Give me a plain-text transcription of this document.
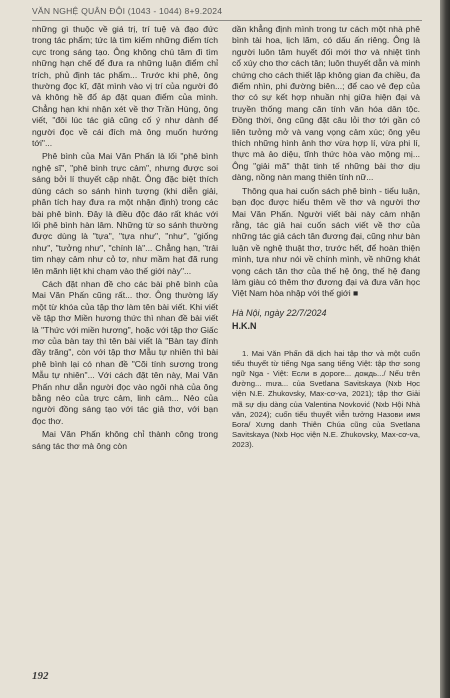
VĂN NGHỆ QUÂN ĐỘI (1043 - 1044) 8+9.2024

những gì thuộc về giá trị, trí tuệ và đạo đức trong tác phẩm; tức là tìm kiếm những điểm tích cực trong sáng tạo. Ông không chú tâm đi tìm những hạn chế để đưa ra những luận điểm chỉ trích, phủ định tác phẩm... Trước khi phê, ông thường đọc kĩ, đặt mình vào vị trí của người đó và không hề đổ áp đặt quan điểm của mình. Chẳng hạn khi nhận xét về thơ Trần Hùng, ông viết, "đôi lúc tác giả cũng cố ý như dành để người đọc về cái đích mà ông muốn hướng tới"...

Phê bình của Mai Văn Phấn là lối "phê bình nghệ sĩ", "phê bình trực cảm", nhưng được soi sáng bởi lí thuyết cập nhật. Ông đặc biệt thích dùng cách so sánh hình tượng (khi diễn giải, phân tích hay đưa ra một nhận định) trong các bài phê bình. Đây là điều độc đáo rất khác với lối phê bình hàn lâm. Những từ so sánh thường được dùng là "tựa", "tựa như", "như", "giống như", "tưởng như", "chính là"... Chẳng hạn, "trải tim nhạy cảm như cỏ tơ, như mầm hạt đã rung lên mãnh liệt khi chạm vào thế giới này"...

Cách đặt nhan đề cho các bài phê bình của Mai Văn Phấn cũng rất... thơ. Ông thường lấy một từ khóa của tập thơ làm tên bài viết. Khi viết về tập thơ Miền hương thức thì nhan đề bài viết là "Thức với miền hương", hoặc với tập thơ Giấc mơ của bàn tay thì tên bài viết là "Bàn tay đính đầy trăng", còn với tập thơ Mẫu tự nhiên thì bài phê bình lại có nhan đề "Cõi tính sương trong Mẫu tự nhiên"... Với cách đặt tên này, Mai Văn Phấn như dẫn người đọc vào ngôi nhà của ông bằng nẻo của trực cảm, linh cảm... Nẻo của người đồng sáng tạo với tác giả thơ, với bạn đọc thơ.

Mai Văn Phấn không chỉ thành công trong sáng tác thơ mà ông còn

dần khẳng định mình trong tư cách một nhà phê bình tài hoa, lịch lãm, có dấu ấn riêng. Ông là người luôn tâm huyết đối mới thơ và nhiệt tình cổ xúy cho thơ cách tân; luôn thuyết dẫn và minh chứng cho cách thiết lập không gian đa chiều, đa điểm nhìn, phi đường biên...; để cao vẻ đẹp của thơ có sự kết hợp nhuần nhị giữa hiện đại và truyền thống mang căn tính văn hóa dân tộc. Đồng thời, ông cũng đặt câu lỏi thơ tới gần có liên tưởng mở và vang vọng cảm xúc; ông yêu thích những hình ảnh thơ vừa hợp lí, vừa phi lí, thực mà ảo diệu, tĩnh thức hòa vào mộng mị... Ông "giải mã" thật tinh tế những bài thơ dịu dàng, nồng nàn mang thiên tính nữ...

Thông qua hai cuốn sách phê bình - tiểu luận, bạn đọc được hiểu thêm về thơ và người thơ Mai Văn Phấn. Người viết bài này cảm nhận rằng, tác giả hai cuốn sách viết về thơ của những tác giả cách tân đương đại, cũng như bàn luận về nghệ thuật thơ, trước hết, để hoàn thiện mình, tựa như nói về chính mình, về những khát vọng cách tân thơ của thế hệ ông, thế hệ đang làm giàu có thêm thơ đương đại và đưa văn học Việt Nam hòa nhập với thế giới ■

Hà Nội, ngày 22/7/2024

H.K.N

1. Mai Văn Phấn đã dịch hai tập thơ và một cuốn tiểu thuyết từ tiếng Nga sang tiếng Việt: tập thơ song ngữ Nga - Việt: Если в дороге... дождь.../ Nếu trên đường... mưa... của Svetlana Savitskaya (Nxb Học viện N.E. Zhukovsky, Max-cơ-va, 2021); tập thơ Giải mã sự dịu dàng của Valentina Novković (Nxb Hội Nhà văn, 2024); cuốn tiểu thuyết viễn tưởng Назови имя Бога/ Xưng danh Thiên Chúa cũng của Svetlana Savitskaya (Nxb Học viện N.E. Zhukovsky, Max-cơ-va, 2023).

192
